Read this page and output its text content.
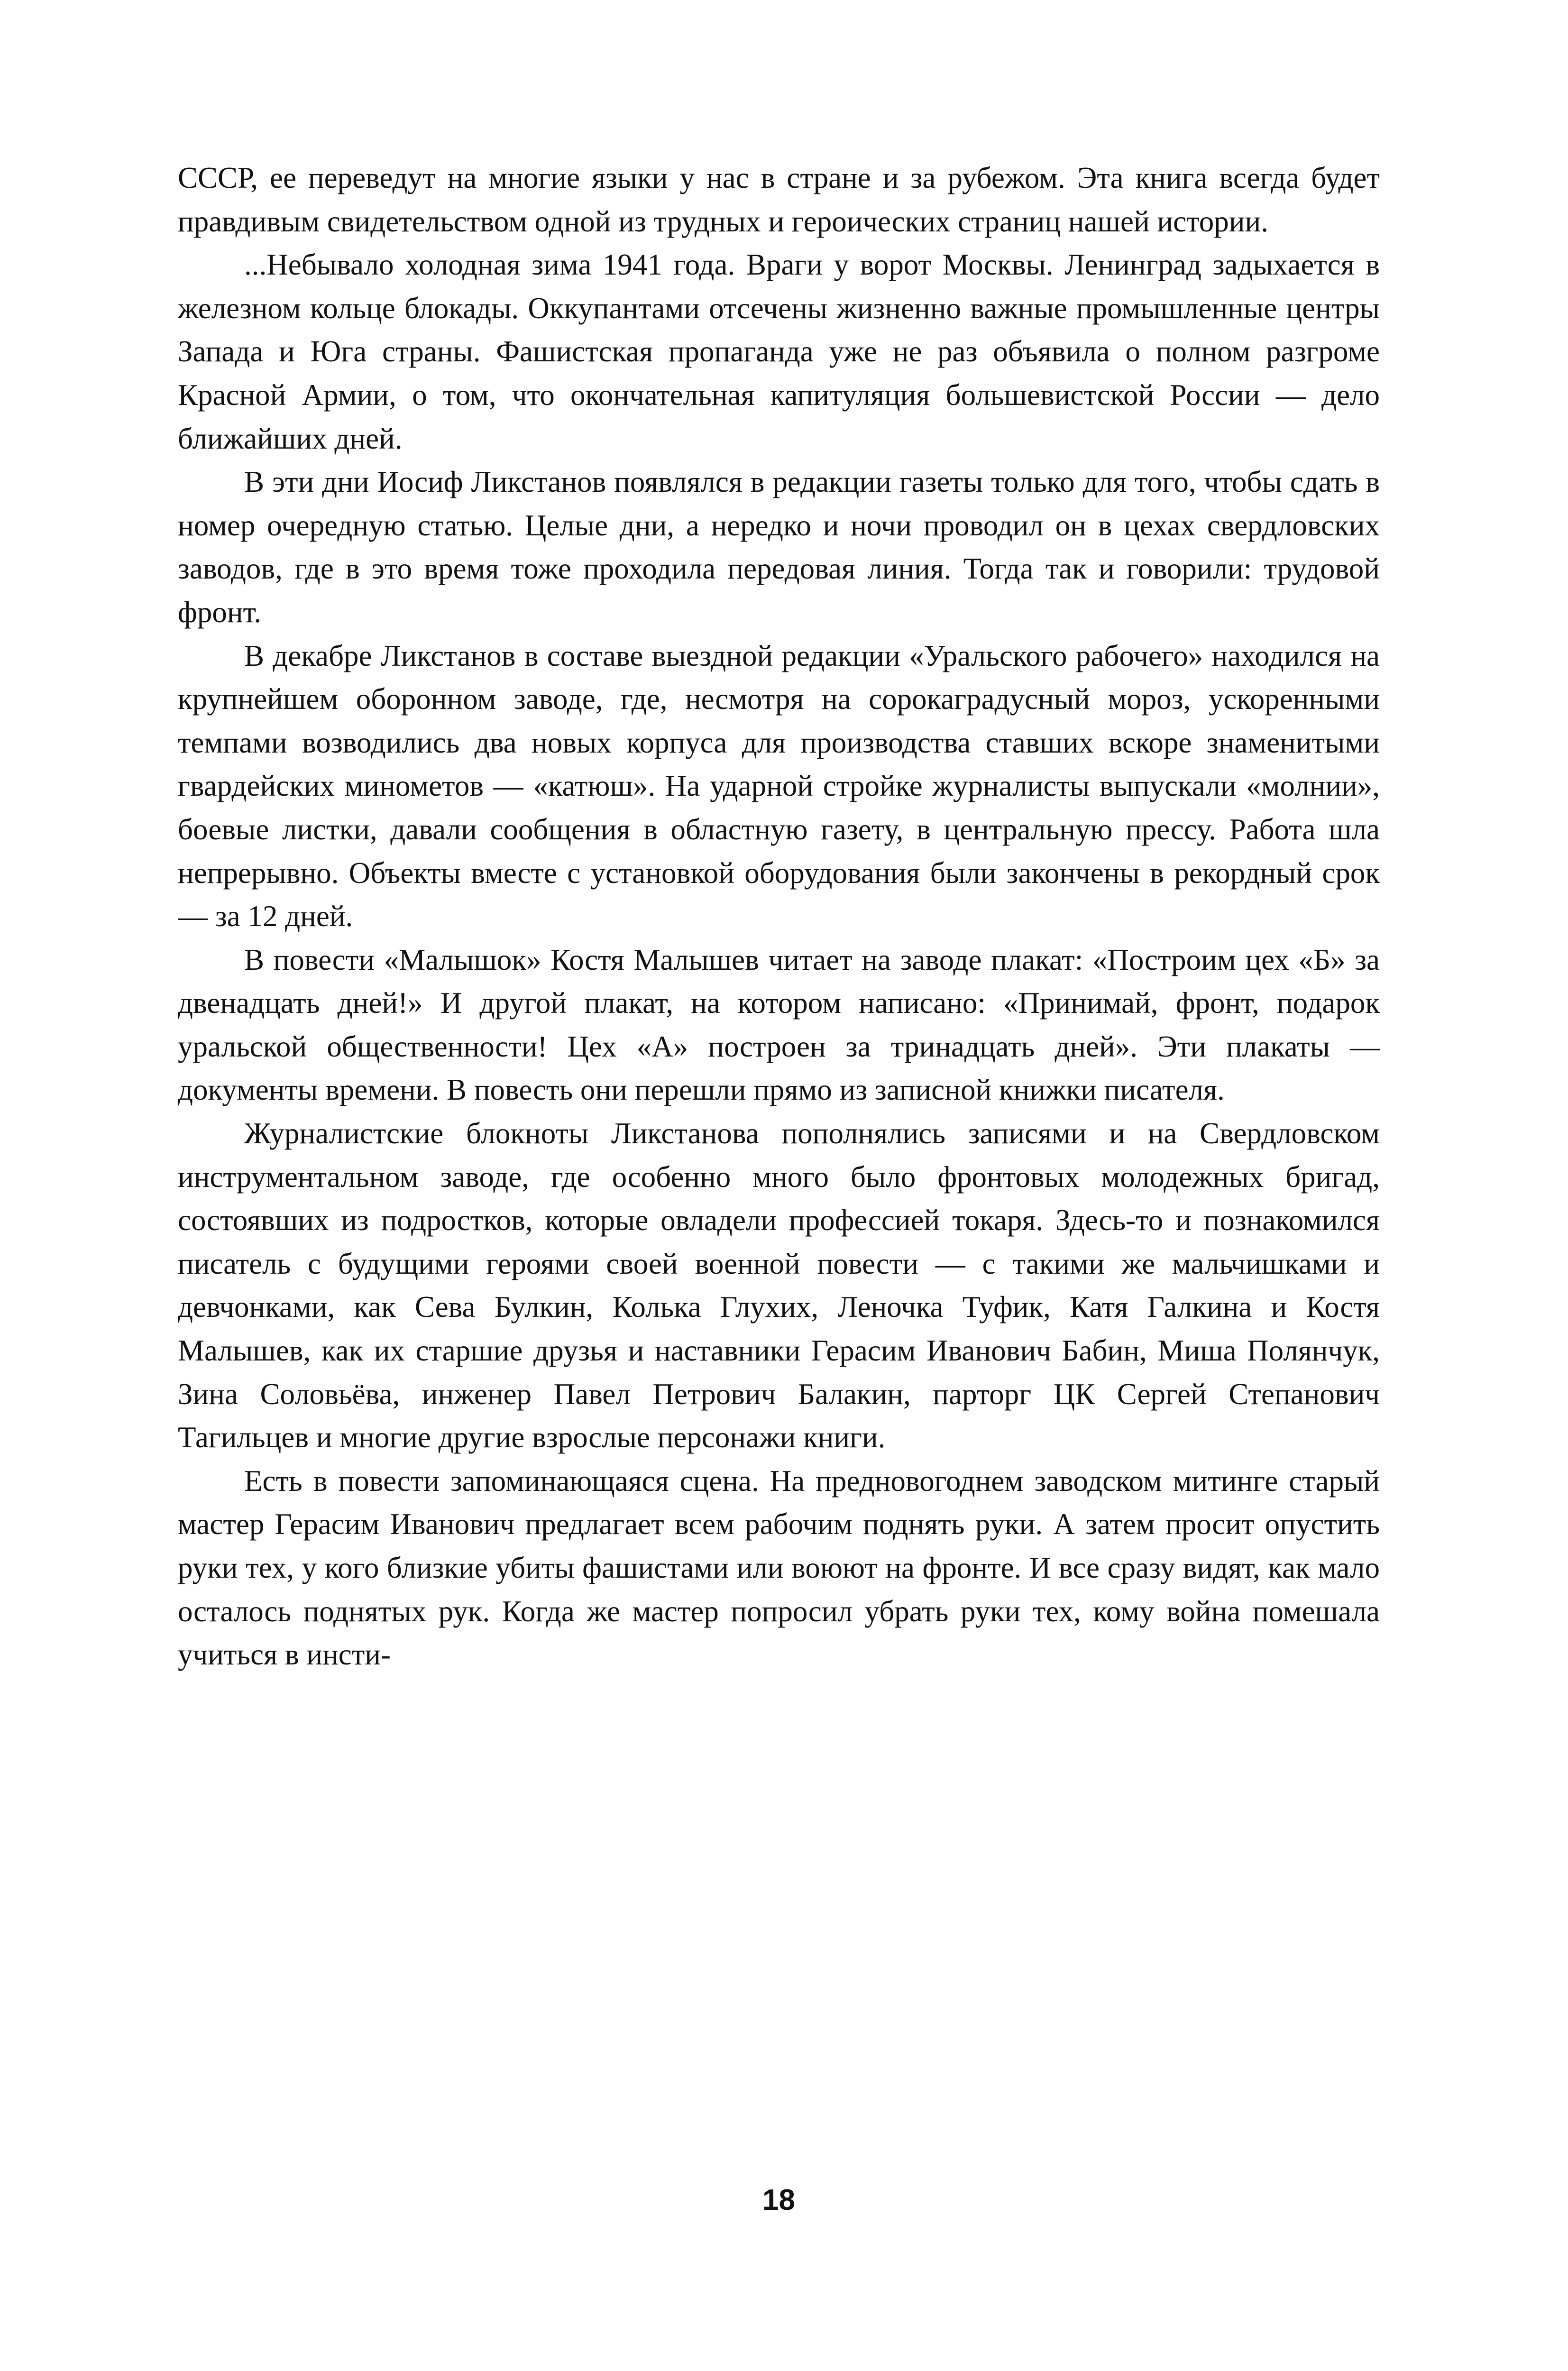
СССР, ее переведут на многие языки у нас в стране и за рубежом. Эта книга всегда будет правдивым свидетельством одной из трудных и героических страниц нашей истории.

...Небывало холодная зима 1941 года. Враги у ворот Москвы. Ленинград задыхается в железном кольце блокады. Оккупантами отсечены жизненно важные промышленные центры Запада и Юга страны. Фашистская пропаганда уже не раз объявила о полном разгроме Красной Армии, о том, что окончательная капитуляция большевистской России — дело ближайших дней.

В эти дни Иосиф Ликстанов появлялся в редакции газеты только для того, чтобы сдать в номер очередную статью. Целые дни, а нередко и ночи проводил он в цехах свердловских заводов, где в это время тоже проходила передовая линия. Тогда так и говорили: трудовой фронт.

В декабре Ликстанов в составе выездной редакции «Уральского рабочего» находился на крупнейшем оборонном заводе, где, несмотря на сорокаградусный мороз, ускоренными темпами возводились два новых корпуса для производства ставших вскоре знаменитыми гвардейских минометов — «катюш». На ударной стройке журналисты выпускали «молнии», боевые листки, давали сообщения в областную газету, в центральную прессу. Работа шла непрерывно. Объекты вместе с установкой оборудования были закончены в рекордный срок — за 12 дней.

В повести «Малышок» Костя Малышев читает на заводе плакат: «Построим цех «Б» за двенадцать дней!» И другой плакат, на котором написано: «Принимай, фронт, подарок уральской общественности! Цех «А» построен за тринадцать дней». Эти плакаты — документы времени. В повесть они перешли прямо из записной книжки писателя.

Журналистские блокноты Ликстанова пополнялись записями и на Свердловском инструментальном заводе, где особенно много было фронтовых молодежных бригад, состоявших из подростков, которые овладели профессией токаря. Здесь-то и познакомился писатель с будущими героями своей военной повести — с такими же мальчишками и девчонками, как Сева Булкин, Колька Глухих, Леночка Туфик, Катя Галкина и Костя Малышев, как их старшие друзья и наставники Герасим Иванович Бабин, Миша Полянчук, Зина Соловьёва, инженер Павел Петрович Балакин, парторг ЦК Сергей Степанович Тагильцев и многие другие взрослые персонажи книги.

Есть в повести запоминающаяся сцена. На предновогоднем заводском митинге старый мастер Герасим Иванович предлагает всем рабочим поднять руки. А затем просит опустить руки тех, у кого близкие убиты фашистами или воюют на фронте. И все сразу видят, как мало осталось поднятых рук. Когда же мастер попросил убрать руки тех, кому война помешала учиться в инсти-

18
